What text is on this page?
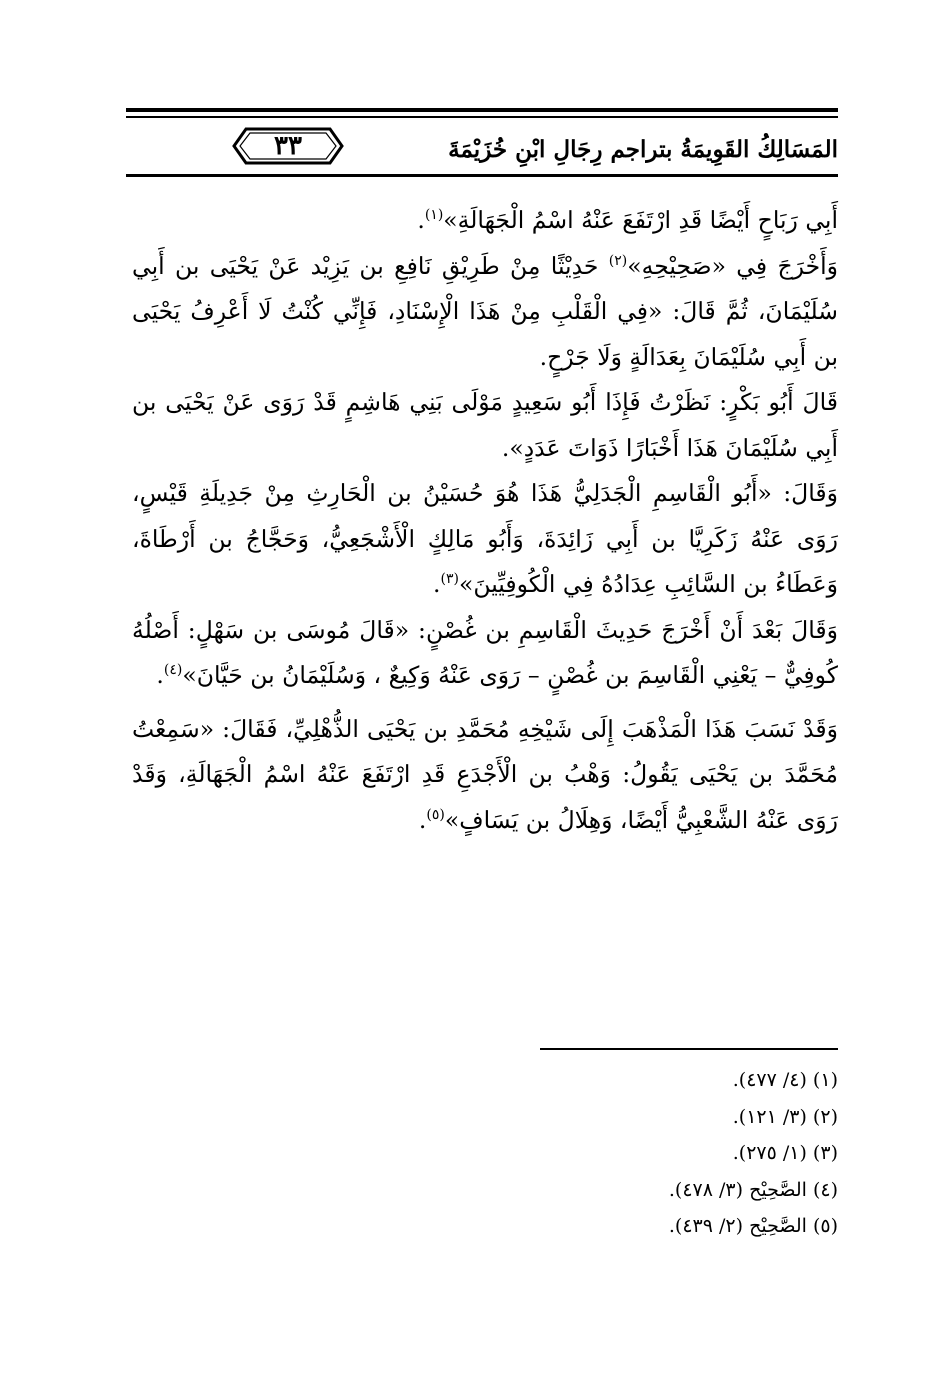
٣٣	المَسَالِكُ القَوِيمَةُ بتراجم رِجَالِ ابْنِ خُزَيْمَةَ

أَبِي رَبَاحٍ أَيْضًا قَدِ ارْتَفَعَ عَنْهُ اسْمُ الْجَهَالَةِ»$^{(١)}$.

وَأَخْرَجَ فِي «صَحِيْحِهِ»$^{(٢)}$ حَدِيْثًا مِنْ طَرِيْقِ نَافِعِ بن يَزِيْد عَنْ يَحْيَى بن أَبِي سُلَيْمَانَ، ثُمَّ قَالَ: «فِي الْقَلْبِ مِنْ هَذَا الْإِسْنَادِ، فَإِنِّي كُنْتُ لَا أَعْرِفُ يَحْيَى بن أَبِي سُلَيْمَانَ بِعَدَالَةٍ وَلَا جَرْحٍ.

قَالَ أَبُو بَكْرٍ: نَظَرْتُ فَإِذَا أَبُو سَعِيدٍ مَوْلَى بَنِي هَاشِمٍ قَدْ رَوَى عَنْ يَحْيَى بن أَبِي سُلَيْمَانَ هَذَا أَخْبَارًا ذَوَاتَ عَدَدٍ».

وَقَالَ: «أَبُو الْقَاسِمِ الْجَدَلِيُّ هَذَا هُوَ حُسَيْنُ بن الْحَارِثِ مِنْ جَدِيلَةِ قَيْسٍ، رَوَى عَنْهُ زَكَرِيَّا بن أَبِي زَائِدَةَ، وَأَبُو مَالِكٍ الْأَشْجَعِيُّ، وَحَجَّاجُ بن أَرْطَاةَ، وَعَطَاءُ بن السَّائِبِ عِدَادُهُ فِي الْكُوفِيِّينَ»$^{(٣)}$.

وَقَالَ بَعْدَ أَنْ أَخْرَجَ حَدِيثَ الْقَاسِمِ بن غُصْنٍ: «قَالَ مُوسَى بن سَهْلٍ: أَصْلُهُ كُوفِيٌّ – يَعْنِي الْقَاسِمَ بن غُصْنٍ – رَوَى عَنْهُ وَكِيعٌ ، وَسُلَيْمَانُ بن حَيَّانَ»$^{(٤)}$.

وَقَدْ نَسَبَ هَذَا الْمَذْهَبَ إِلَى شَيْخِهِ مُحَمَّدِ بن يَحْيَى الذُّهْلِيِّ، فَقَالَ: «سَمِعْتُ مُحَمَّدَ بن يَحْيَى يَقُولُ: وَهْبُ بن الْأَجْدَعِ قَدِ ارْتَفَعَ عَنْهُ اسْمُ الْجَهَالَةِ، وَقَدْ رَوَى عَنْهُ الشَّعْبِيُّ أَيْضًا، وَهِلَالُ بن يَسَافٍ»$^{(٥)}$.

(١) (٤/ ٤٧٧).

(٢) (٣/ ١٢١).

(٣) (١/ ٢٧٥).

(٤) الصَّحِيْح (٣/ ٤٧٨).

(٥) الصَّحِيْح (٢/ ٤٣٩).
